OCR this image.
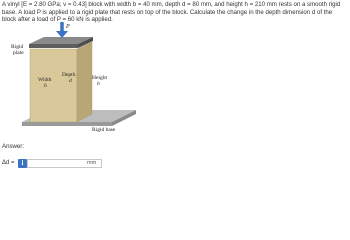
A vinyl [E = 2.80 GPa; v = 0.43] block with width b = 40 mm, depth d = 80 mm, and height h = 210 mm rests on a smooth rigid base. A load P is applied to a rigid plate that rests on top of the block. Calculate the change in the depth dimension d of the block after a load of P = 60 kN is applied.
P
Rigid
plate
Width
b
Depth
d	Height
h
Rigid base
Answer:
Δd =	i	mm
